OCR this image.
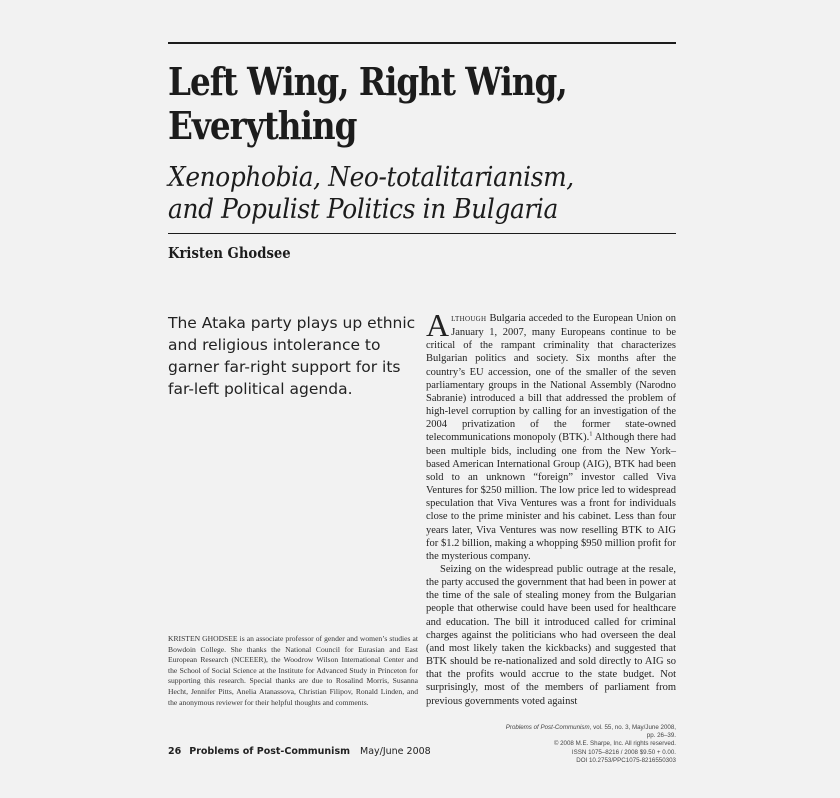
Left Wing, Right Wing,
Everything
Xenophobia, Neo-totalitarianism,
and Populist Politics in Bulgaria
Kristen Ghodsee
The Ataka party plays up ethnic and religious intolerance to garner far-right support for its far-left political agenda.
KRISTEN GHODSEE is an associate professor of gender and women’s studies at Bowdoin College. She thanks the National Council for Eurasian and East European Research (NCEEER), the Woodrow Wilson International Center and the School of Social Science at the Institute for Advanced Study in Princeton for supporting this research. Special thanks are due to Rosalind Morris, Susanna Hecht, Jennifer Pitts, Anelia Atanassova, Christian Filipov, Ronald Linden, and the anonymous reviewer for their helpful thoughts and comments.

ALTHOUGH Bulgaria acceded to the European Union on January 1, 2007, many Europeans continue to be critical of the rampant criminality that characterizes Bulgarian politics and society. Six months after the country’s EU accession, one of the smaller of the seven parliamentary groups in the National Assembly (Narodno Sabranie) introduced a bill that addressed the problem of high-level corruption by calling for an investigation of the 2004 privatization of the former state-owned telecommunications monopoly (BTK).$^1$ Although there had been multiple bids, including one from the New York–based American International Group (AIG), BTK had been sold to an unknown “foreign” investor called Viva Ventures for $250 million. The low price led to widespread speculation that Viva Ventures was a front for individuals close to the prime minister and his cabinet. Less than four years later, Viva Ventures was now reselling BTK to AIG for $1.2 billion, making a whopping $950 million profit for the mysterious company.

Seizing on the widespread public outrage at the resale, the party accused the government that had been in power at the time of the sale of stealing money from the Bulgarian people that otherwise could have been used for healthcare and education. The bill it introduced called for criminal charges against the politicians who had overseen the deal (and most likely taken the kickbacks) and suggested that BTK should be re-nationalized and sold directly to AIG so that the profits would accrue to the state budget. Not surprisingly, most of the members of parliament from previous governments voted against

Problems of Post-Communism, vol. 55, no. 3, May/June 2008, pp. 26–39.
© 2008 M.E. Sharpe, Inc. All rights reserved.
ISSN 1075–8216 / 2008 $9.50 + 0.00.
DOI 10.2753/PPC1075-8216550303
26 Problems of Post-Communism May/June 2008
